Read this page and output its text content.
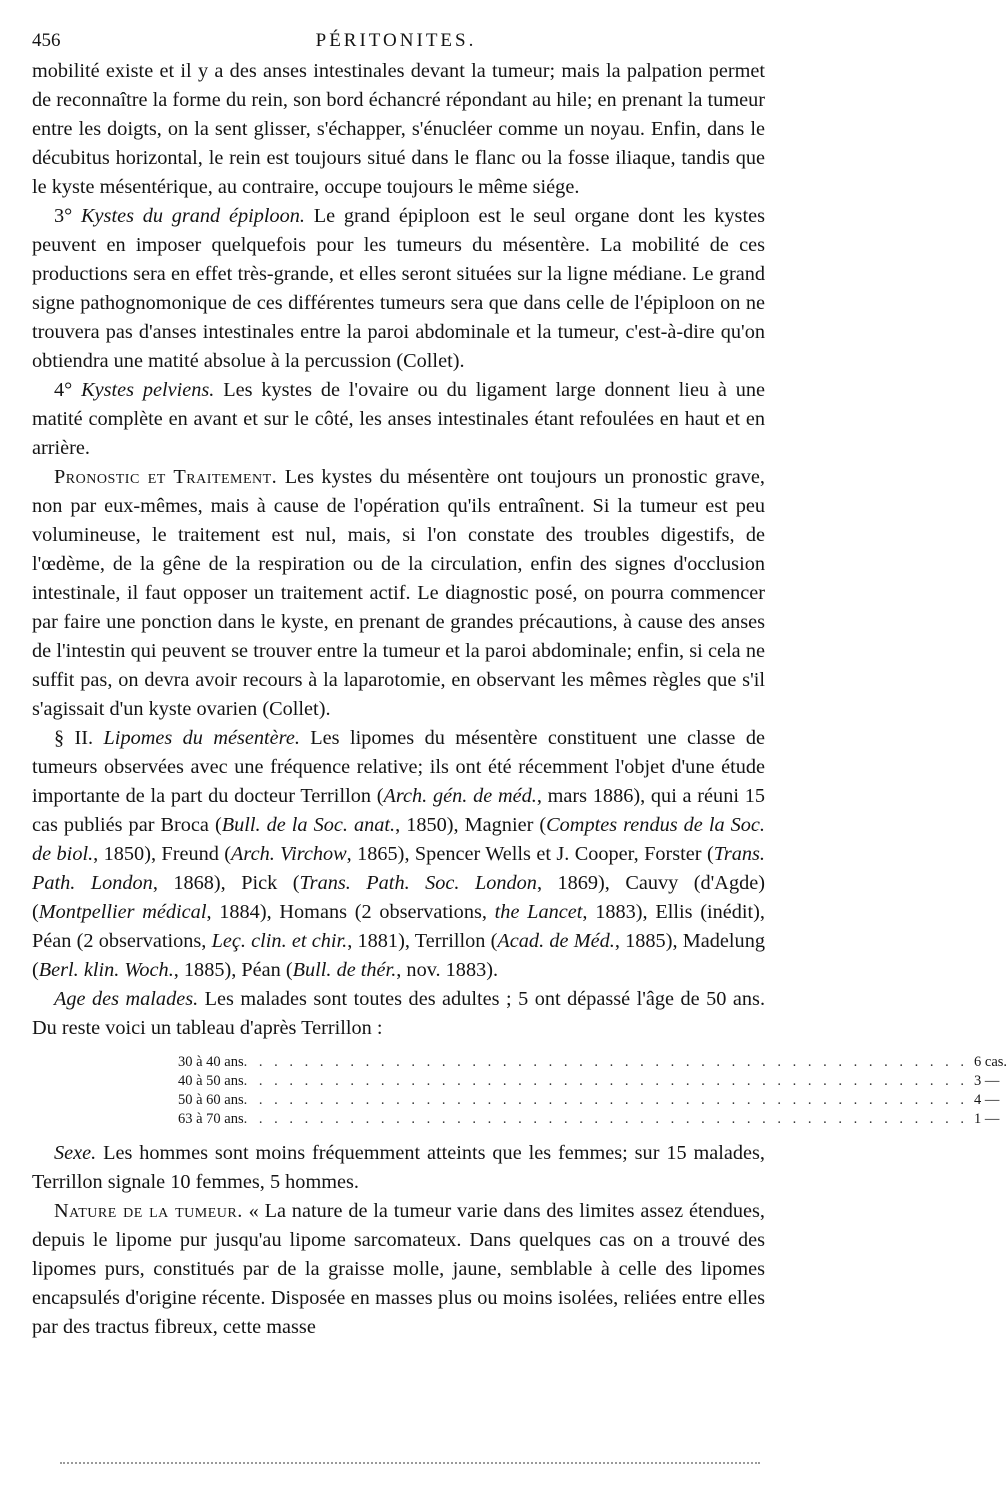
456	PÉRITONITES.

mobilité existe et il y a des anses intestinales devant la tumeur; mais la palpation permet de reconnaître la forme du rein, son bord échancré répondant au hile; en prenant la tumeur entre les doigts, on la sent glisser, s'échapper, s'énucléer comme un noyau. Enfin, dans le décubitus horizontal, le rein est toujours situé dans le flanc ou la fosse iliaque, tandis que le kyste mésentérique, au contraire, occupe toujours le même siége.

3° Kystes du grand épiploon. Le grand épiploon est le seul organe dont les kystes peuvent en imposer quelquefois pour les tumeurs du mésentère. La mobilité de ces productions sera en effet très-grande, et elles seront situées sur la ligne médiane. Le grand signe pathognomonique de ces différentes tumeurs sera que dans celle de l'épiploon on ne trouvera pas d'anses intestinales entre la paroi abdominale et la tumeur, c'est-à-dire qu'on obtiendra une matité absolue à la percussion (Collet).

4° Kystes pelviens. Les kystes de l'ovaire ou du ligament large donnent lieu à une matité complète en avant et sur le côté, les anses intestinales étant refoulées en haut et en arrière.

Pronostic et Traitement. Les kystes du mésentère ont toujours un pronostic grave, non par eux-mêmes, mais à cause de l'opération qu'ils entraînent. Si la tumeur est peu volumineuse, le traitement est nul, mais, si l'on constate des troubles digestifs, de l'œdème, de la gêne de la respiration ou de la circulation, enfin des signes d'occlusion intestinale, il faut opposer un traitement actif. Le diagnostic posé, on pourra commencer par faire une ponction dans le kyste, en prenant de grandes précautions, à cause des anses de l'intestin qui peuvent se trouver entre la tumeur et la paroi abdominale; enfin, si cela ne suffit pas, on devra avoir recours à la laparotomie, en observant les mêmes règles que s'il s'agissait d'un kyste ovarien (Collet).

§ II. Lipomes du mésentère. Les lipomes du mésentère constituent une classe de tumeurs observées avec une fréquence relative; ils ont été récemment l'objet d'une étude importante de la part du docteur Terrillon (Arch. gén. de méd., mars 1886), qui a réuni 15 cas publiés par Broca (Bull. de la Soc. anat., 1850), Magnier (Comptes rendus de la Soc. de biol., 1850), Freund (Arch. Virchow, 1865), Spencer Wells et J. Cooper, Forster (Trans. Path. London, 1868), Pick (Trans. Path. Soc. London, 1869), Cauvy (d'Agde) (Montpellier médical, 1884), Homans (2 observations, the Lancet, 1883), Ellis (inédit), Péan (2 observations, Leç. clin. et chir., 1881), Terrillon (Acad. de Méd., 1885), Madelung (Berl. klin. Woch., 1885), Péan (Bull. de thér., nov. 1883).

Age des malades. Les malades sont toutes des adultes ; 5 ont dépassé l'âge de 50 ans. Du reste voici un tableau d'après Terrillon :

30 à 40 ans . . . . . . . . . . . . . . . . . . . . . . . . . . . . . . . . . . . . . . . . . . . . . . . . 6 cas.
40 à 50 ans . . . . . . . . . . . . . . . . . . . . . . . . . . . . . . . . . . . . . . . . . . . . . . . . 3 —
50 à 60 ans . . . . . . . . . . . . . . . . . . . . . . . . . . . . . . . . . . . . . . . . . . . . . . . . 4 —
63 à 70 ans . . . . . . . . . . . . . . . . . . . . . . . . . . . . . . . . . . . . . . . . . . . . . . . . 1 —

Sexe. Les hommes sont moins fréquemment atteints que les femmes; sur 15 malades, Terrillon signale 10 femmes, 5 hommes.

Nature de la tumeur. « La nature de la tumeur varie dans des limites assez étendues, depuis le lipome pur jusqu'au lipome sarcomateux. Dans quelques cas on a trouvé des lipomes purs, constitués par de la graisse molle, jaune, semblable à celle des lipomes encapsulés d'origine récente. Disposée en masses plus ou moins isolées, reliées entre elles par des tractus fibreux, cette masse
